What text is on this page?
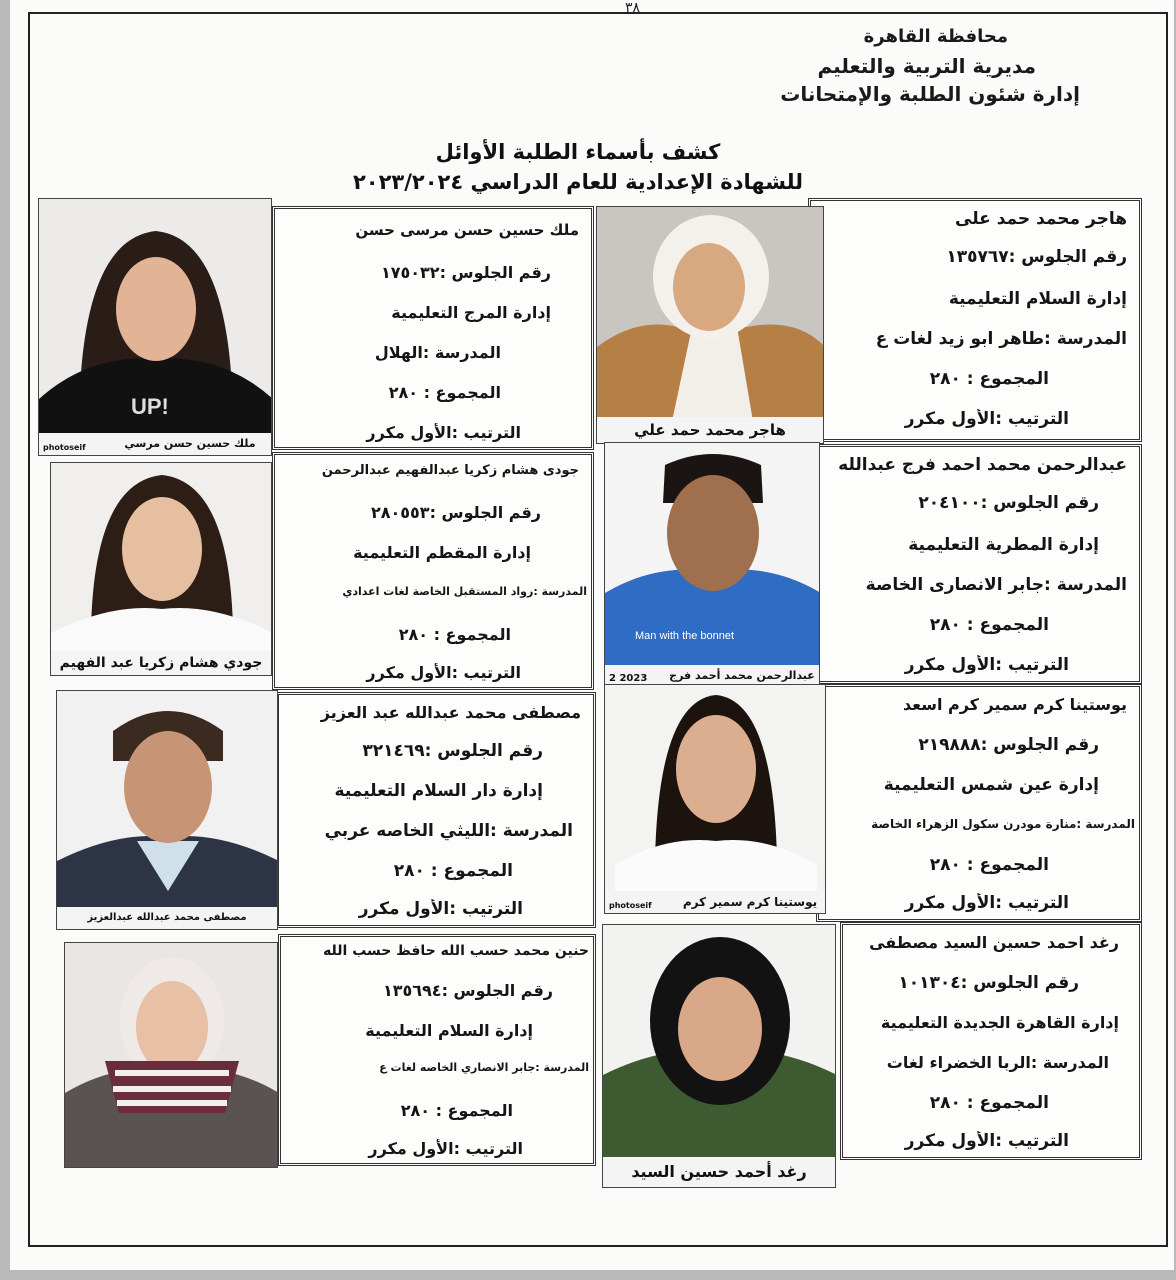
٣٨
محافظة القاهرة
مديرية التربية والتعليم
إدارة شئون الطلبة والإمتحانات
كشف بأسماء الطلبة الأوائل
للشهادة الإعدادية للعام الدراسي ٢٠٢٣/٢٠٢٤
هاجر محمد حمد على
رقم الجلوس :١٣٥٧٦٧
إدارة السلام التعليمية
المدرسة :طاهر ابو زيد لغات ع
المجموع : ٢٨٠
الترتيب :الأول مكرر
هاجر محمد حمد علي
ملك حسين حسن مرسى حسن
رقم الجلوس :١٧٥٠٣٢
إدارة المرج التعليمية
المدرسة :الهلال
المجموع : ٢٨٠
الترتيب :الأول مكرر
UP!
ملك حسين حسن مرسي
photoseif
عبدالرحمن محمد احمد فرج عبدالله
رقم الجلوس :٢٠٤١٠٠
إدارة المطرية التعليمية
المدرسة :جابر الانصارى الخاصة
المجموع : ٢٨٠
الترتيب :الأول مكرر
Man with the bonnet
عبدالرحمن محمد أحمد فرج
2 2023
جودى هشام زكريا عبدالفهيم عبدالرحمن
رقم الجلوس :٢٨٠٥٥٣
إدارة المقطم التعليمية
المدرسة :رواد المستقبل الخاصة لغات اعدادي
المجموع : ٢٨٠
الترتيب :الأول مكرر
جودي هشام زكريا عبد الفهيم
يوستينا كرم سمير كرم اسعد
رقم الجلوس :٢١٩٨٨٨
إدارة عين شمس التعليمية
المدرسة :منارة مودرن سكول الزهراء الخاصة
المجموع : ٢٨٠
الترتيب :الأول مكرر
يوستينا كرم سمير كرم
photoseif
مصطفى محمد عبدالله عبد العزيز
رقم الجلوس :٣٢١٤٦٩
إدارة دار السلام التعليمية
المدرسة :الليثي الخاصه عربي
المجموع : ٢٨٠
الترتيب :الأول مكرر
مصطفى محمد عبدالله عبدالعزيز
رغد احمد حسين السيد مصطفى
رقم الجلوس :١٠١٣٠٤
إدارة القاهرة الجديدة التعليمية
المدرسة :الربا الخضراء لغات
المجموع : ٢٨٠
الترتيب :الأول مكرر
رغد أحمد حسين السيد
حنين محمد حسب الله حافظ حسب الله
رقم الجلوس :١٣٥٦٩٤
إدارة السلام التعليمية
المدرسة :جابر الانصاري الخاصه لغات ع
المجموع : ٢٨٠
الترتيب :الأول مكرر
